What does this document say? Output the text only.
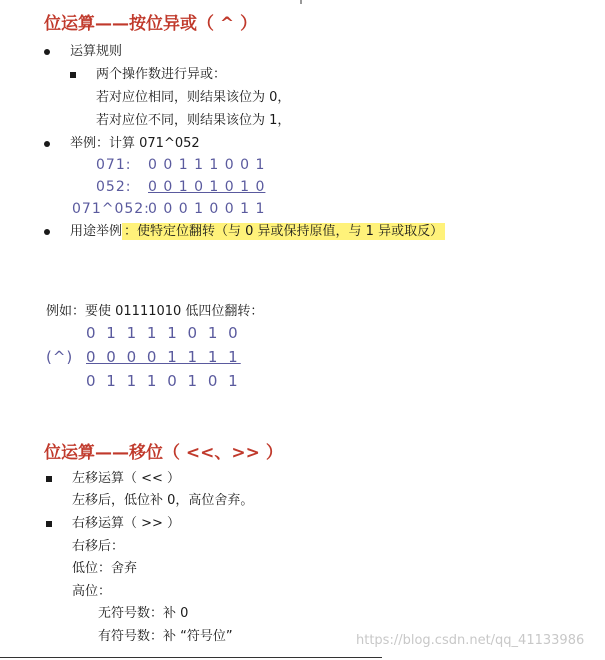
位运算——按位异或（ ^ ）
运算规则
两个操作数进行异或：
若对应位相同，则结果该位为 0，
若对应位不同，则结果该位为 1，
举例：计算 071^052
071: 0 0 1 1 1 0 0 1
052: 0 0 1 0 1 0 1 0
071^052:
0 0 0 1 0 0 1 1
用途举例 ：使特定位翻转（与 0 异或保持原值，与 1 异或取反）
例如：要使 01111010 低四位翻转：
0 1 1 1 1 0 1 0
(^) 0 0 0 0 1 1 1 1
0 1 1 1 0 1 0 1
位运算——移位（ <<、>> ）
左移运算（ << ）
左移后，低位补 0，高位舍弃。
右移运算（ >> ）
右移后：
低位：舍弃
高位：
无符号数：补 0
有符号数：补 “符号位”	https://blog.csdn.net/qq_41133986
